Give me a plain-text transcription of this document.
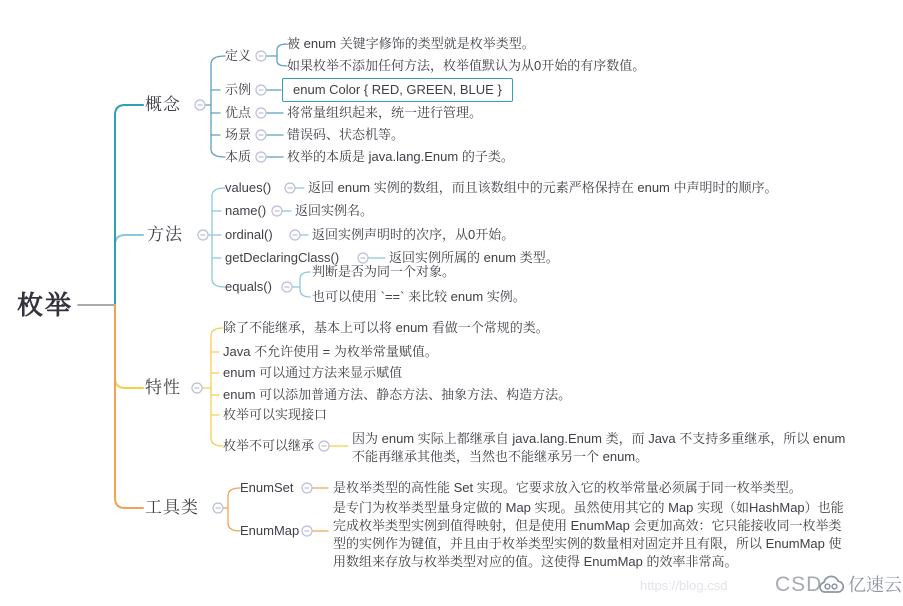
枚举
概念
方法
特性
工具类
定义
被 enum 关键字修饰的类型就是枚举类型。
如果枚举不添加任何方法，枚举值默认为从0开始的有序数值。
示例	enum Color { RED, GREEN, BLUE }
优点	将常量组织起来，统一进行管理。
场景	错误码、状态机等。
本质	枚举的本质是 java.lang.Enum 的子类。
values()	返回 enum 实例的数组，而且该数组中的元素严格保持在 enum 中声明时的顺序。
name() 返回实例名。
ordinal()	返回实例声明时的次序，从0开始。
getDeclaringClass()	返回实例所属的 enum 类型。
equals()
判断是否为同一个对象。
也可以使用 `==` 来比较 enum 实例。
除了不能继承，基本上可以将 enum 看做一个常规的类。
Java 不允许使用 = 为枚举常量赋值。
enum 可以通过方法来显示赋值
enum 可以添加普通方法、静态方法、抽象方法、构造方法。
枚举可以实现接口
枚举不可以继承	因为 enum 实际上都继承自 java.lang.Enum 类，而 Java 不支持多重继承，所以 enum 不能再继承其他类，当然也不能继承另一个 enum。
EnumSet	是枚举类型的高性能 Set 实现。它要求放入它的枚举常量必须属于同一枚举类型。
EnumMap
是专门为枚举类型量身定做的 Map 实现。虽然使用其它的 Map 实现（如HashMap）也能完成枚举类型实例到值得映射，但是使用 EnumMap 会更加高效：它只能接收同一枚举类型的实例作为键值，并且由于枚举类型实例的数量相对固定并且有限，所以 EnumMap 使用数组来存放与枚举类型对应的值。这使得 EnumMap 的效率非常高。
https://blog.csd CSD 亿速云
